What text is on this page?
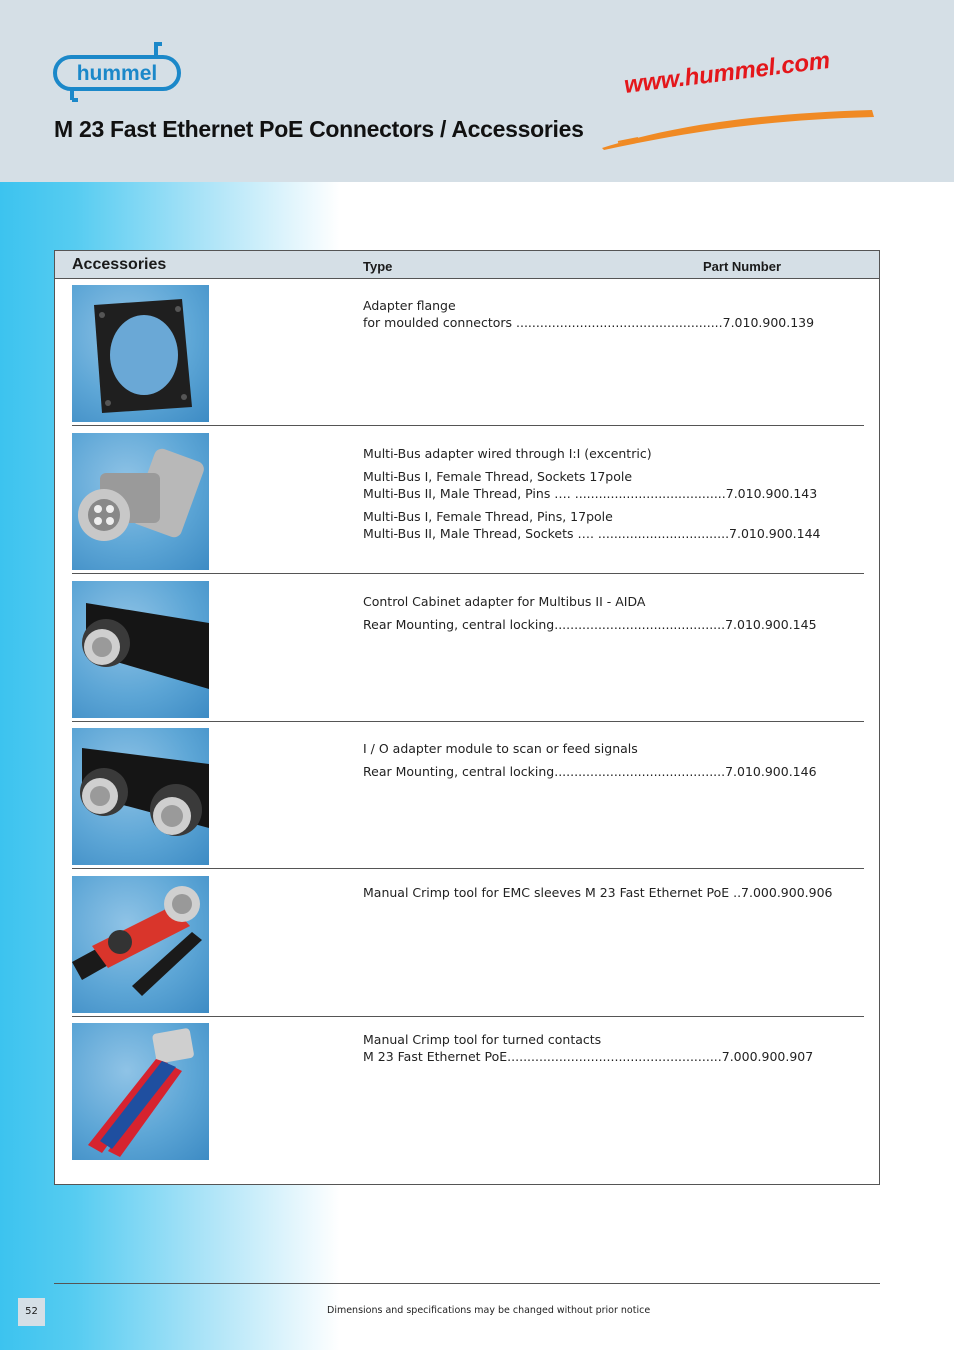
hummel
M 23 Fast Ethernet PoE Connectors / Accessories
www.hummel.com
Accessories	Type	Part Number
Adapter flange
for moulded connectors ....................................................7.010.900.139
Multi-Bus adapter wired through I:I (excentric)
Multi-Bus I, Female Thread, Sockets 17pole
Multi-Bus II, Male Thread, Pins …. ......................................7.010.900.143
Multi-Bus I, Female Thread, Pins, 17pole
Multi-Bus II, Male Thread, Sockets …. .................................7.010.900.144
Control Cabinet adapter for Multibus II - AIDA
Rear Mounting, central locking...........................................7.010.900.145
I / O adapter module to scan or feed signals
Rear Mounting, central locking...........................................7.010.900.146
Manual Crimp tool for EMC sleeves M 23 Fast Ethernet PoE ..7.000.900.906
Manual Crimp tool for turned contacts
M 23 Fast Ethernet PoE......................................................7.000.900.907
52	Dimensions and specifications may be changed without prior notice
